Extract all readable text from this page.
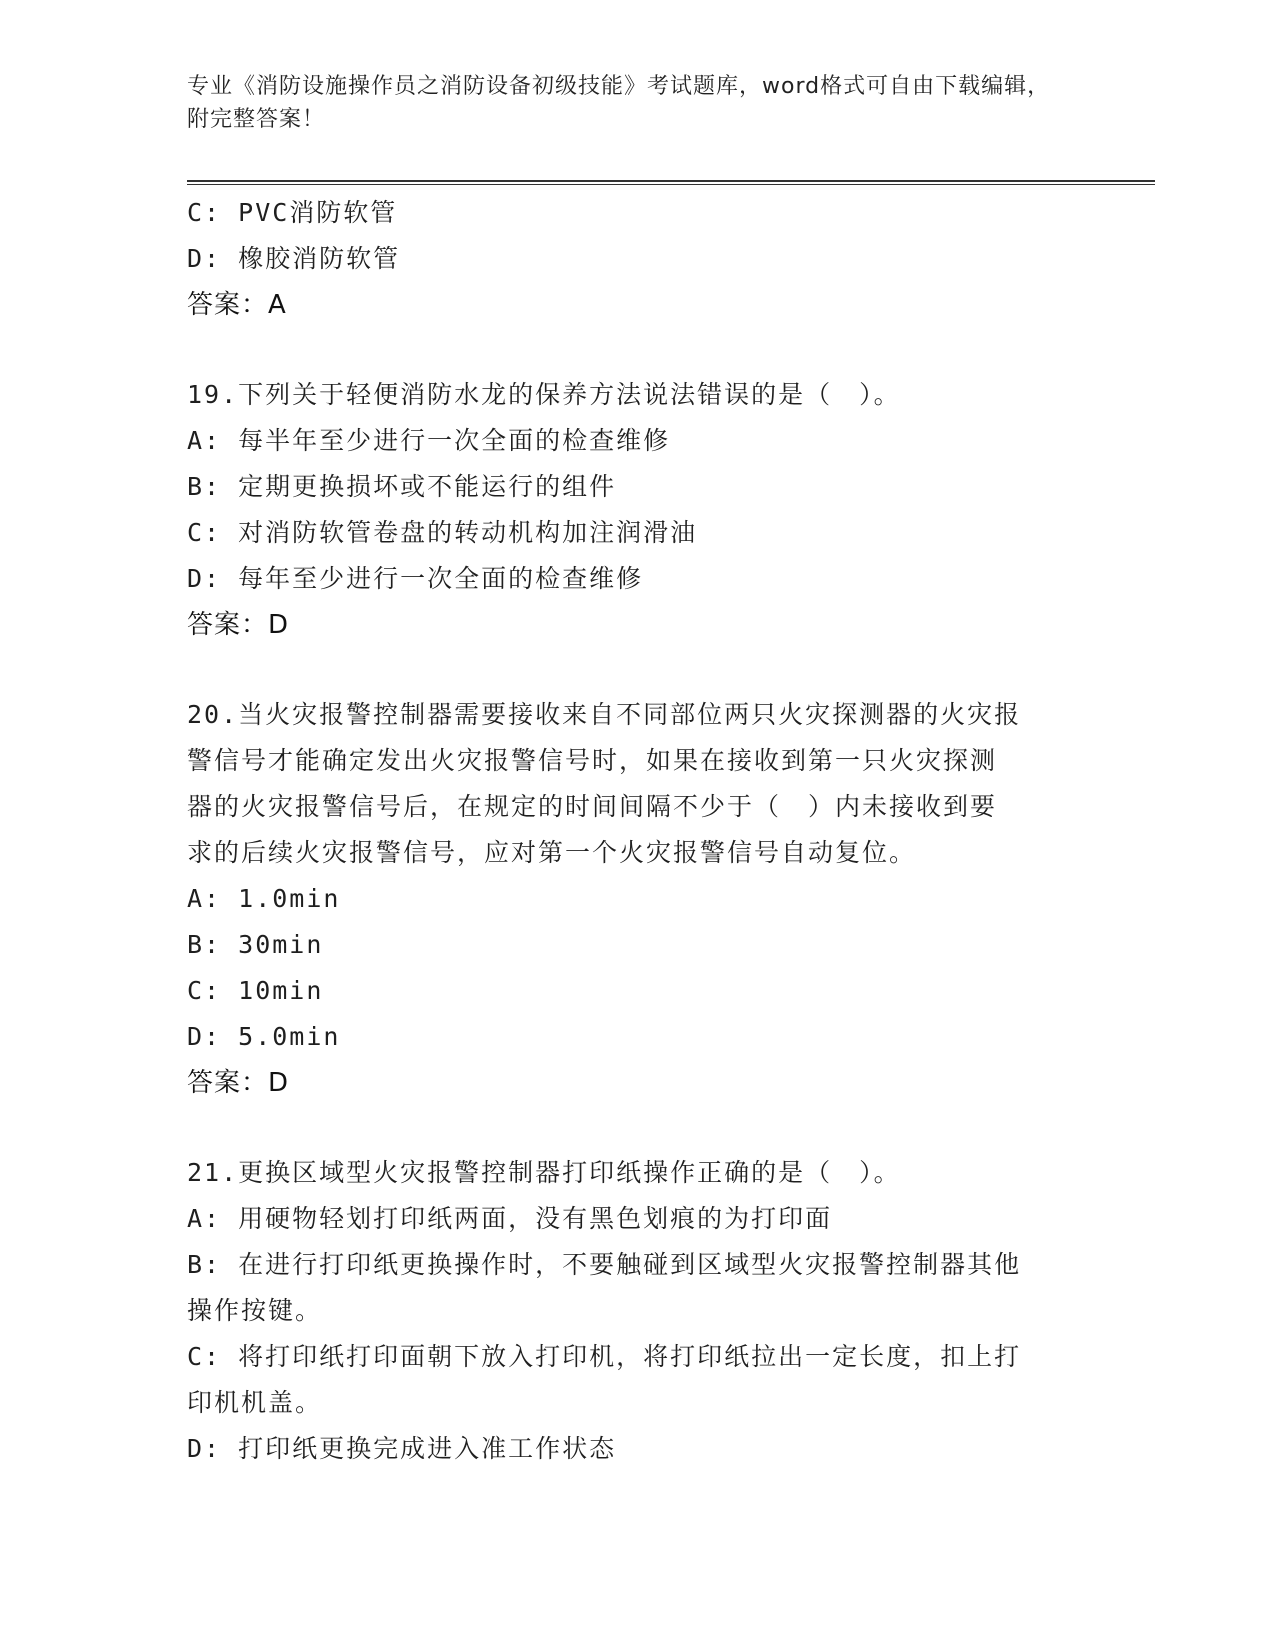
专业《消防设施操作员之消防设备初级技能》考试题库，word格式可自由下载编辑，附完整答案！
C: PVC消防软管
D: 橡胶消防软管
答案：A
19.下列关于轻便消防水龙的保养方法说法错误的是（　）。
A: 每半年至少进行一次全面的检查维修
B: 定期更换损坏或不能运行的组件
C: 对消防软管卷盘的转动机构加注润滑油
D: 每年至少进行一次全面的检查维修
答案：D
20.当火灾报警控制器需要接收来自不同部位两只火灾探测器的火灾报
警信号才能确定发出火灾报警信号时，如果在接收到第一只火灾探测
器的火灾报警信号后，在规定的时间间隔不少于（　）内未接收到要
求的后续火灾报警信号，应对第一个火灾报警信号自动复位。
A: 1.0min
B: 30min
C: 10min
D: 5.0min
答案：D
21.更换区域型火灾报警控制器打印纸操作正确的是（　）。
A: 用硬物轻划打印纸两面，没有黑色划痕的为打印面
B: 在进行打印纸更换操作时，不要触碰到区域型火灾报警控制器其他
操作按键。
C: 将打印纸打印面朝下放入打印机，将打印纸拉出一定长度，扣上打
印机机盖。
D: 打印纸更换完成进入准工作状态
